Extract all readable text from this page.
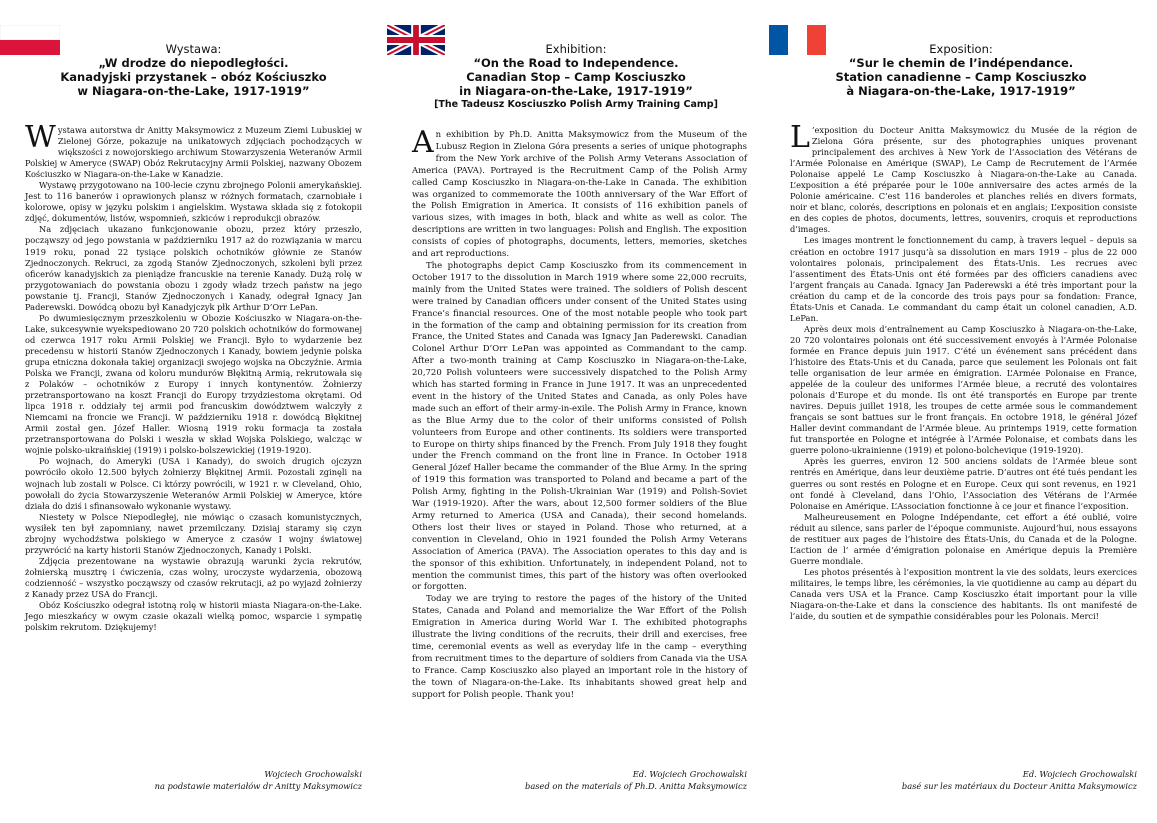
Wystawa:
„W drodze do niepodległości.
Kanadyjski przystanek – obóz Kościuszko
w Niagara-on-the-Lake, 1917-1919”

Wystawa autorstwa dr Anitty Maksymowicz z Muzeum Ziemi Lubuskiej w Zielonej Górze, pokazuje na unikatowych zdjęciach pochodzących w większości z nowojorskiego archiwum Stowarzyszenia Weteranów Armii Polskiej w Ameryce (SWAP) Obóz Rekrutacyjny Armii Polskiej, nazwany Obozem Kościuszko w Niagara-on-the-Lake w Kanadzie.

Wystawę przygotowano na 100-lecie czynu zbrojnego Polonii amerykańskiej. Jest to 116 banerów i oprawionych plansz w różnych formatach, czarnobiałe i kolorowe, opisy w języku polskim i angielskim. Wystawa składa się z fotokopii zdjęć, dokumentów, listów, wspomnień, szkiców i reprodukcji obrazów.

Na zdjęciach ukazano funkcjonowanie obozu, przez który przeszło, począwszy od jego powstania w październiku 1917 aż do rozwiązania w marcu 1919 roku, ponad 22 tysiące polskich ochotników głównie ze Stanów Zjednoczonych. Rekruci, za zgodą Stanów Zjednoczonych, szkoleni byli przez oficerów kanadyjskich za pieniądze francuskie na terenie Kanady. Dużą rolę w przygotowaniach do powstania obozu i zgody władz trzech państw na jego powstanie tj. Francji, Stanów Zjednoczonych i Kanady, odegrał Ignacy Jan Paderewski. Dowódcą obozu był Kanadyjczyk płk Arthur D’Orr LePan.

Po dwumiesięcznym przeszkoleniu w Obozie Kościuszko w Niagara-on-the-Lake, sukcesywnie wyekspediowano 20 720 polskich ochotników do formowanej od czerwca 1917 roku Armii Polskiej we Francji. Było to wydarzenie bez precedensu w historii Stanów Zjednoczonych i Kanady, bowiem jedynie polska grupa etniczna dokonała takiej organizacji swojego wojska na Obczyźnie. Armia Polska we Francji, zwana od koloru mundurów Błękitną Armią, rekrutowała się z Polaków – ochotników z Europy i innych kontynentów. Żołnierzy przetransportowano na koszt Francji do Europy trzydziestoma okrętami. Od lipca 1918 r. oddziały tej armii pod francuskim dowództwem walczyły z Niemcami na froncie we Francji. W październiku 1918 r. dowódcą Błękitnej Armii został gen. Józef Haller. Wiosną 1919 roku formacja ta została przetransportowana do Polski i weszła w skład Wojska Polskiego, walcząc w wojnie polsko-ukraińskiej (1919) i polsko-bolszewickiej (1919-1920).

Po wojnach, do Ameryki (USA i Kanady), do swoich drugich ojczyzn powróciło około 12.500 byłych żołnierzy Błękitnej Armii. Pozostali zginęli na wojnach lub zostali w Polsce. Ci którzy powrócili, w 1921 r. w Cleveland, Ohio, powołali do życia Stowarzyszenie Weteranów Armii Polskiej w Ameryce, które działa do dziś i sfinansowało wykonanie wystawy.

Niestety w Polsce Niepodległej, nie mówiąc o czasach komunistycznych, wysiłek ten był zapomniany, nawet przemilczany. Dzisiaj staramy się czyn zbrojny wychodźstwa polskiego w Ameryce z czasów I wojny światowej przywrócić na karty historii Stanów Zjednoczonych, Kanady i Polski.

Zdjęcia prezentowane na wystawie obrazują warunki życia rekrutów, żołnierską musztrę i ćwiczenia, czas wolny, uroczyste wydarzenia, obozową codzienność – wszystko począwszy od czasów rekrutacji, aż po wyjazd żołnierzy z Kanady przez USA do Francji.

Obóz Kościuszko odegrał istotną rolę w historii miasta Niagara-on-the-Lake. Jego mieszkańcy w owym czasie okazali wielką pomoc, wsparcie i sympatię polskim rekrutom. Dziękujemy!

Wojciech Grochowalski
na podstawie materiałów dr Anitty Maksymowicz
Exhibition:
“On the Road to Independence.
Canadian Stop – Camp Kosciuszko
in Niagara-on-the-Lake, 1917-1919”
[The Tadeusz Kosciuszko Polish Army Training Camp]

An exhibition by Ph.D. Anitta Maksymowicz from the Museum of the Lubusz Region in Zielona Góra presents a series of unique photographs from the New York archive of the Polish Army Veterans Association of America (PAVA). Portrayed is the Recruitment Camp of the Polish Army called Camp Kosciuszko in Niagara-on-the-Lake in Canada. The exhibition was organized to commemorate the 100th anniversary of the War Effort of the Polish Emigration in America. It consists of 116 exhibition panels of various sizes, with images in both, black and white as well as color. The descriptions are written in two languages: Polish and English. The exposition consists of copies of photographs, documents, letters, memories, sketches and art reproductions.

The photographs depict Camp Kosciuszko from its commencement in October 1917 to the dissolution in March 1919 where some 22,000 recruits, mainly from the United States were trained. The soldiers of Polish descent were trained by Canadian officers under consent of the United States using France’s financial resources. One of the most notable people who took part in the formation of the camp and obtaining permission for its creation from France, the United States and Canada was Ignacy Jan Paderewski. Canadian Colonel Arthur D’Orr LePan was appointed as Commandant to the camp. After a two-month training at Camp Kosciuszko in Niagara-on-the-Lake, 20,720 Polish volunteers were successively dispatched to the Polish Army which has started forming in France in June 1917. It was an unprecedented event in the history of the United States and Canada, as only Poles have made such an effort of their army-in-exile. The Polish Army in France, known as the Blue Army due to the color of their uniforms consisted of Polish volunteers from Europe and other continents. Its soldiers were transported to Europe on thirty ships financed by the French. From July 1918 they fought under the French command on the front line in France. In October 1918 General Józef Haller became the commander of the Blue Army. In the spring of 1919 this formation was transported to Poland and became a part of the Polish Army, fighting in the Polish-Ukrainian War (1919) and Polish-Soviet War (1919-1920). After the wars, about 12,500 former soldiers of the Blue Army returned to America (USA and Canada), their second homelands. Others lost their lives or stayed in Poland. Those who returned, at a convention in Cleveland, Ohio in 1921 founded the Polish Army Veterans Association of America (PAVA). The Association operates to this day and is the sponsor of this exhibition. Unfortunately, in independent Poland, not to mention the communist times, this part of the history was often overlooked or forgotten.

Today we are trying to restore the pages of the history of the United States, Canada and Poland and memorialize the War Effort of the Polish Emigration in America during World War I. The exhibited photographs illustrate the living conditions of the recruits, their drill and exercises, free time, ceremonial events as well as everyday life in the camp – everything from recruitment times to the departure of soldiers from Canada via the USA to France. Camp Kosciuszko also played an important role in the history of the town of Niagara-on-the-Lake. Its inhabitants showed great help and support for Polish people. Thank you!

Ed. Wojciech Grochowalski
based on the materials of Ph.D. Anitta Maksymowicz
Exposition:
“Sur le chemin de l’indépendance.
Station canadienne – Camp Kosciuszko
à Niagara-on-the-Lake, 1917-1919”

L ’exposition du Docteur Anitta Maksymowicz du Musée de la région de Zielona Góra présente, sur des photographies uniques provenant principalement des archives à New York de l’Association des Vétérans de l’Armée Polonaise en Amérique (SWAP), Le Camp de Recrutement de l’Armée Polonaise appelé Le Camp Kosciuszko à Niagara-on-the-Lake au Canada. L’exposition a été préparée pour le 100e anniversaire des actes armés de la Polonie américaine. C’est 116 banderoles et planches reliés en divers formats, noir et blanc, colorés, descriptions en polonais et en anglais; L’exposition consiste en des copies de photos, documents, lettres, souvenirs, croquis et reproductions d’images.

Les images montrent le fonctionnement du camp, à travers lequel – depuis sa création en octobre 1917 jusqu’à sa dissolution en mars 1919 – plus de 22 000 volontaires polonais, principalement des États-Unis. Les recrues avec l’assentiment des États-Unis ont été formées par des officiers canadiens avec l’argent français au Canada. Ignacy Jan Paderewski a été très important pour la création du camp et de la concorde des trois pays pour sa fondation: France, États-Unis et Canada. Le commandant du camp était un colonel canadien, A.D. LePan.

Après deux mois d’entraînement au Camp Kosciuszko à Niagara-on-the-Lake, 20 720 volontaires polonais ont été successivement envoyés à l’Armée Polonaise formée en France depuis juin 1917. C’été un événement sans précédent dans l’histoire des États-Unis et du Canada, parce que seulement les Polonais ont fait telle organisation de leur armée en émigration. L’Armée Polonaise en France, appelée de la couleur des uniformes l’Armée bleue, a recruté des volontaires polonais d’Europe et du monde. Ils ont été transportés en Europe par trente navires. Depuis juillet 1918, les troupes de cette armée sous le commandement français se sont battues sur le front français. En octobre 1918, le général Józef Haller devint commandant de l’Armée bleue. Au printemps 1919, cette formation fut transportée en Pologne et intégrée à l’Armée Polonaise, et combats dans les guerre polono-ukrainienne (1919) et polono-bolchevique (1919-1920).

Après les guerres, environ 12 500 anciens soldats de l’Armée bleue sont rentrés en Amérique, dans leur deuxième patrie. D’autres ont été tués pendant les guerres ou sont restés en Pologne et en Europe. Ceux qui sont revenus, en 1921 ont fondé à Cleveland, dans l’Ohio, l’Association des Vétérans de l’Armée Polonaise en Amérique. L’Association fonctionne à ce jour et finance l’exposition.

Malheureusement en Pologne Indépendante, cet effort a été oublié, voire réduit au silence, sans parler de l’époque communiste. Aujourd’hui, nous essayons de restituer aux pages de l’histoire des États-Unis, du Canada et de la Pologne. L’action de l’ armée d’émigration polonaise en Amérique depuis la Première Guerre mondiale.

Les photos présentés à l’exposition montrent la vie des soldats, leurs exercices militaires, le temps libre, les cérémonies, la vie quotidienne au camp au départ du Canada vers USA et la France. Camp Kosciuszko était important pour la ville Niagara-on-the-Lake et dans la conscience des habitants. Ils ont manifesté de l’aide, du soutien et de sympathie considérables pour les Polonais. Merci!

Ed. Wojciech Grochowalski
basé sur les matériaux du Docteur Anitta Maksymowicz
